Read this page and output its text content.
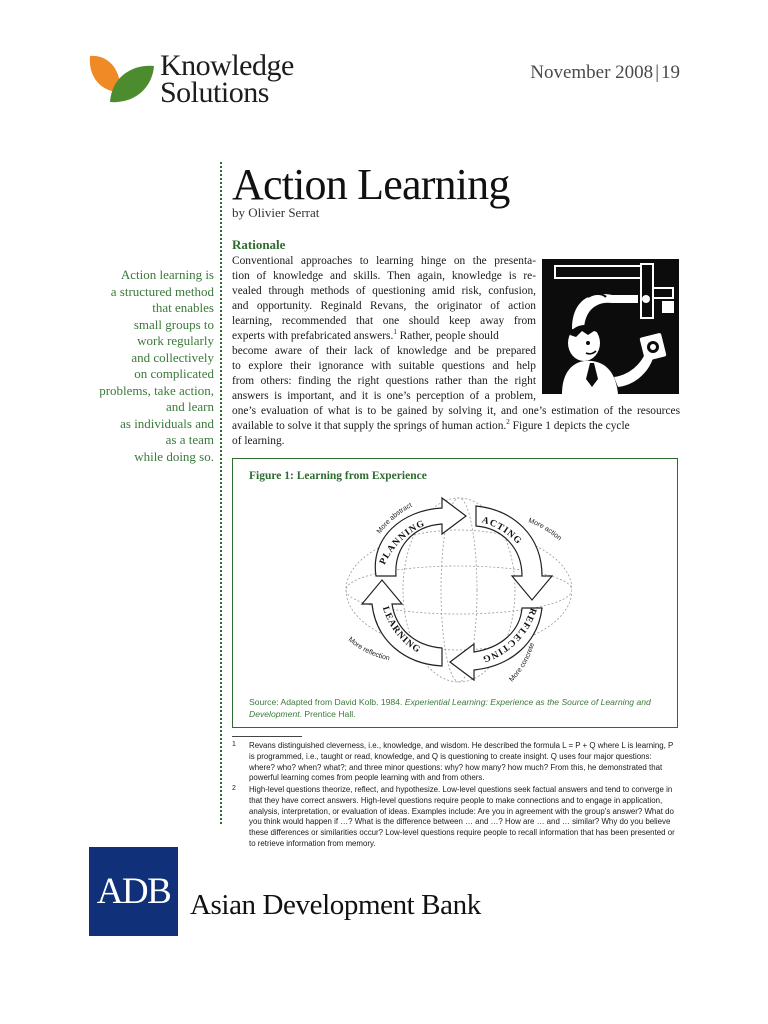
Knowledge
Solutions
November 2008 | 19
Action Learning
by Olivier Serrat
Action learning is
a structured method
that enables
small groups to
work regularly
and collectively
on complicated
problems, take action,
and learn
as individuals and
as a team
while doing so.
Rationale
Conventional approaches to learning hinge on the presenta-
tion of knowledge and skills. Then again, knowledge is re-
vealed through methods of questioning amid risk, confusion,
and opportunity. Reginald Revans, the originator of action
learning, recommended that one should keep away from
experts with prefabricated answers.$^1$ Rather, people should
become aware of their lack of knowledge and be prepared
to explore their ignorance with suitable questions and help
from others: finding the right questions rather than the right
answers is important, and it is one’s perception of a problem,
one’s evaluation of what is to be gained by solving it, and one’s estimation of the resources
available to solve it that supply the springs of human action.$^2$ Figure 1 depicts the cycle
of learning.
Figure 1: Learning from Experience
PLANNING	ACTING
REFLECTING
LEARNING
More abstract
More action
More concrete
More reflection
Source: Adapted from David Kolb. 1984. Experiential Learning: Experience as the Source of Learning and Development. Prentice Hall.
1 Revans distinguished cleverness, i.e., knowledge, and wisdom. He described the formula L = P + Q where L is learning, P is programmed, i.e., taught or read, knowledge, and Q is questioning to create insight. Q uses four major questions: where? who? when? what?; and three minor questions: why? how many? how much? From this, he demonstrated that powerful learning comes from people learning with and from others.
2 High-level questions theorize, reflect, and hypothesize. Low-level questions seek factual answers and tend to converge in that they have correct answers. High-level questions require people to make connections and to engage in application, analysis, interpretation, or evaluation of ideas. Examples include: Are you in agreement with the group’s answer? What do you think would happen if …? What is the difference between … and …? How are … and … similar? Why do you believe these differences or similarities occur? Low-level questions require people to recall information that has been presented or to retrieve information from memory.
ADB Asian Development Bank
